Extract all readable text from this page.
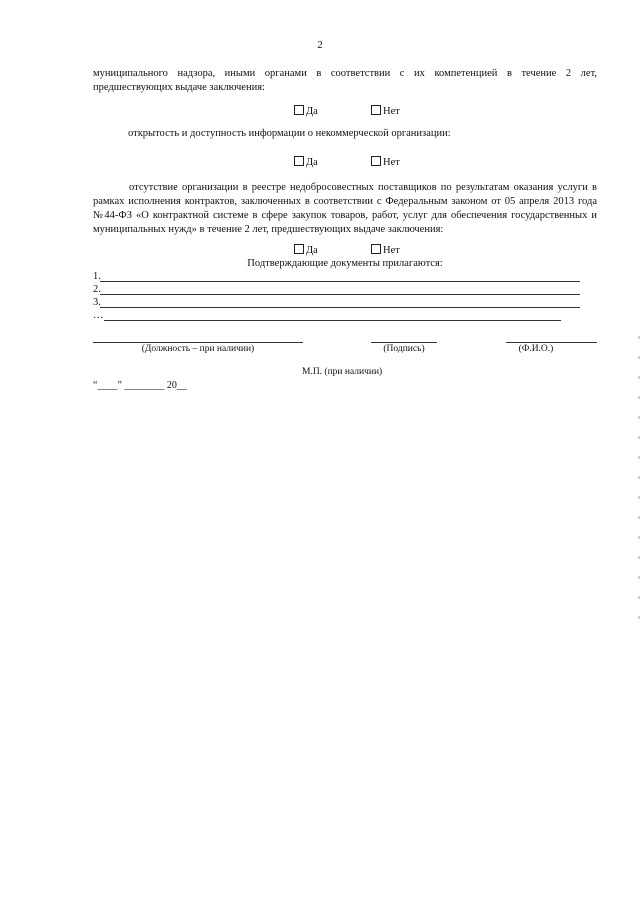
2
муниципального надзора, иными органами в соответствии с их компетенцией в течение 2 лет,
предшествующих выдаче заключения:
Да	Нет
открытость и доступность информации о некоммерческой организации:
Да	Нет
отсутствие организации в реестре недобросовестных поставщиков по результатам оказания услуги в рамках исполнения контрактов, заключенных в соответствии с Федеральным законом от 05 апреля 2013 года №44-ФЗ «О контрактной системе в сфере закупок товаров, работ, услуг для обеспечения государственных и муниципальных нужд» в течение 2 лет, предшествующих выдаче заключения:
Да	Нет
Подтверждающие документы прилагаются:
1.
2.
3.
…
(Должность – при наличии)	(Подпись)	(Ф.И.О.)
М.П. (при наличии)
“____” ________ 20__
